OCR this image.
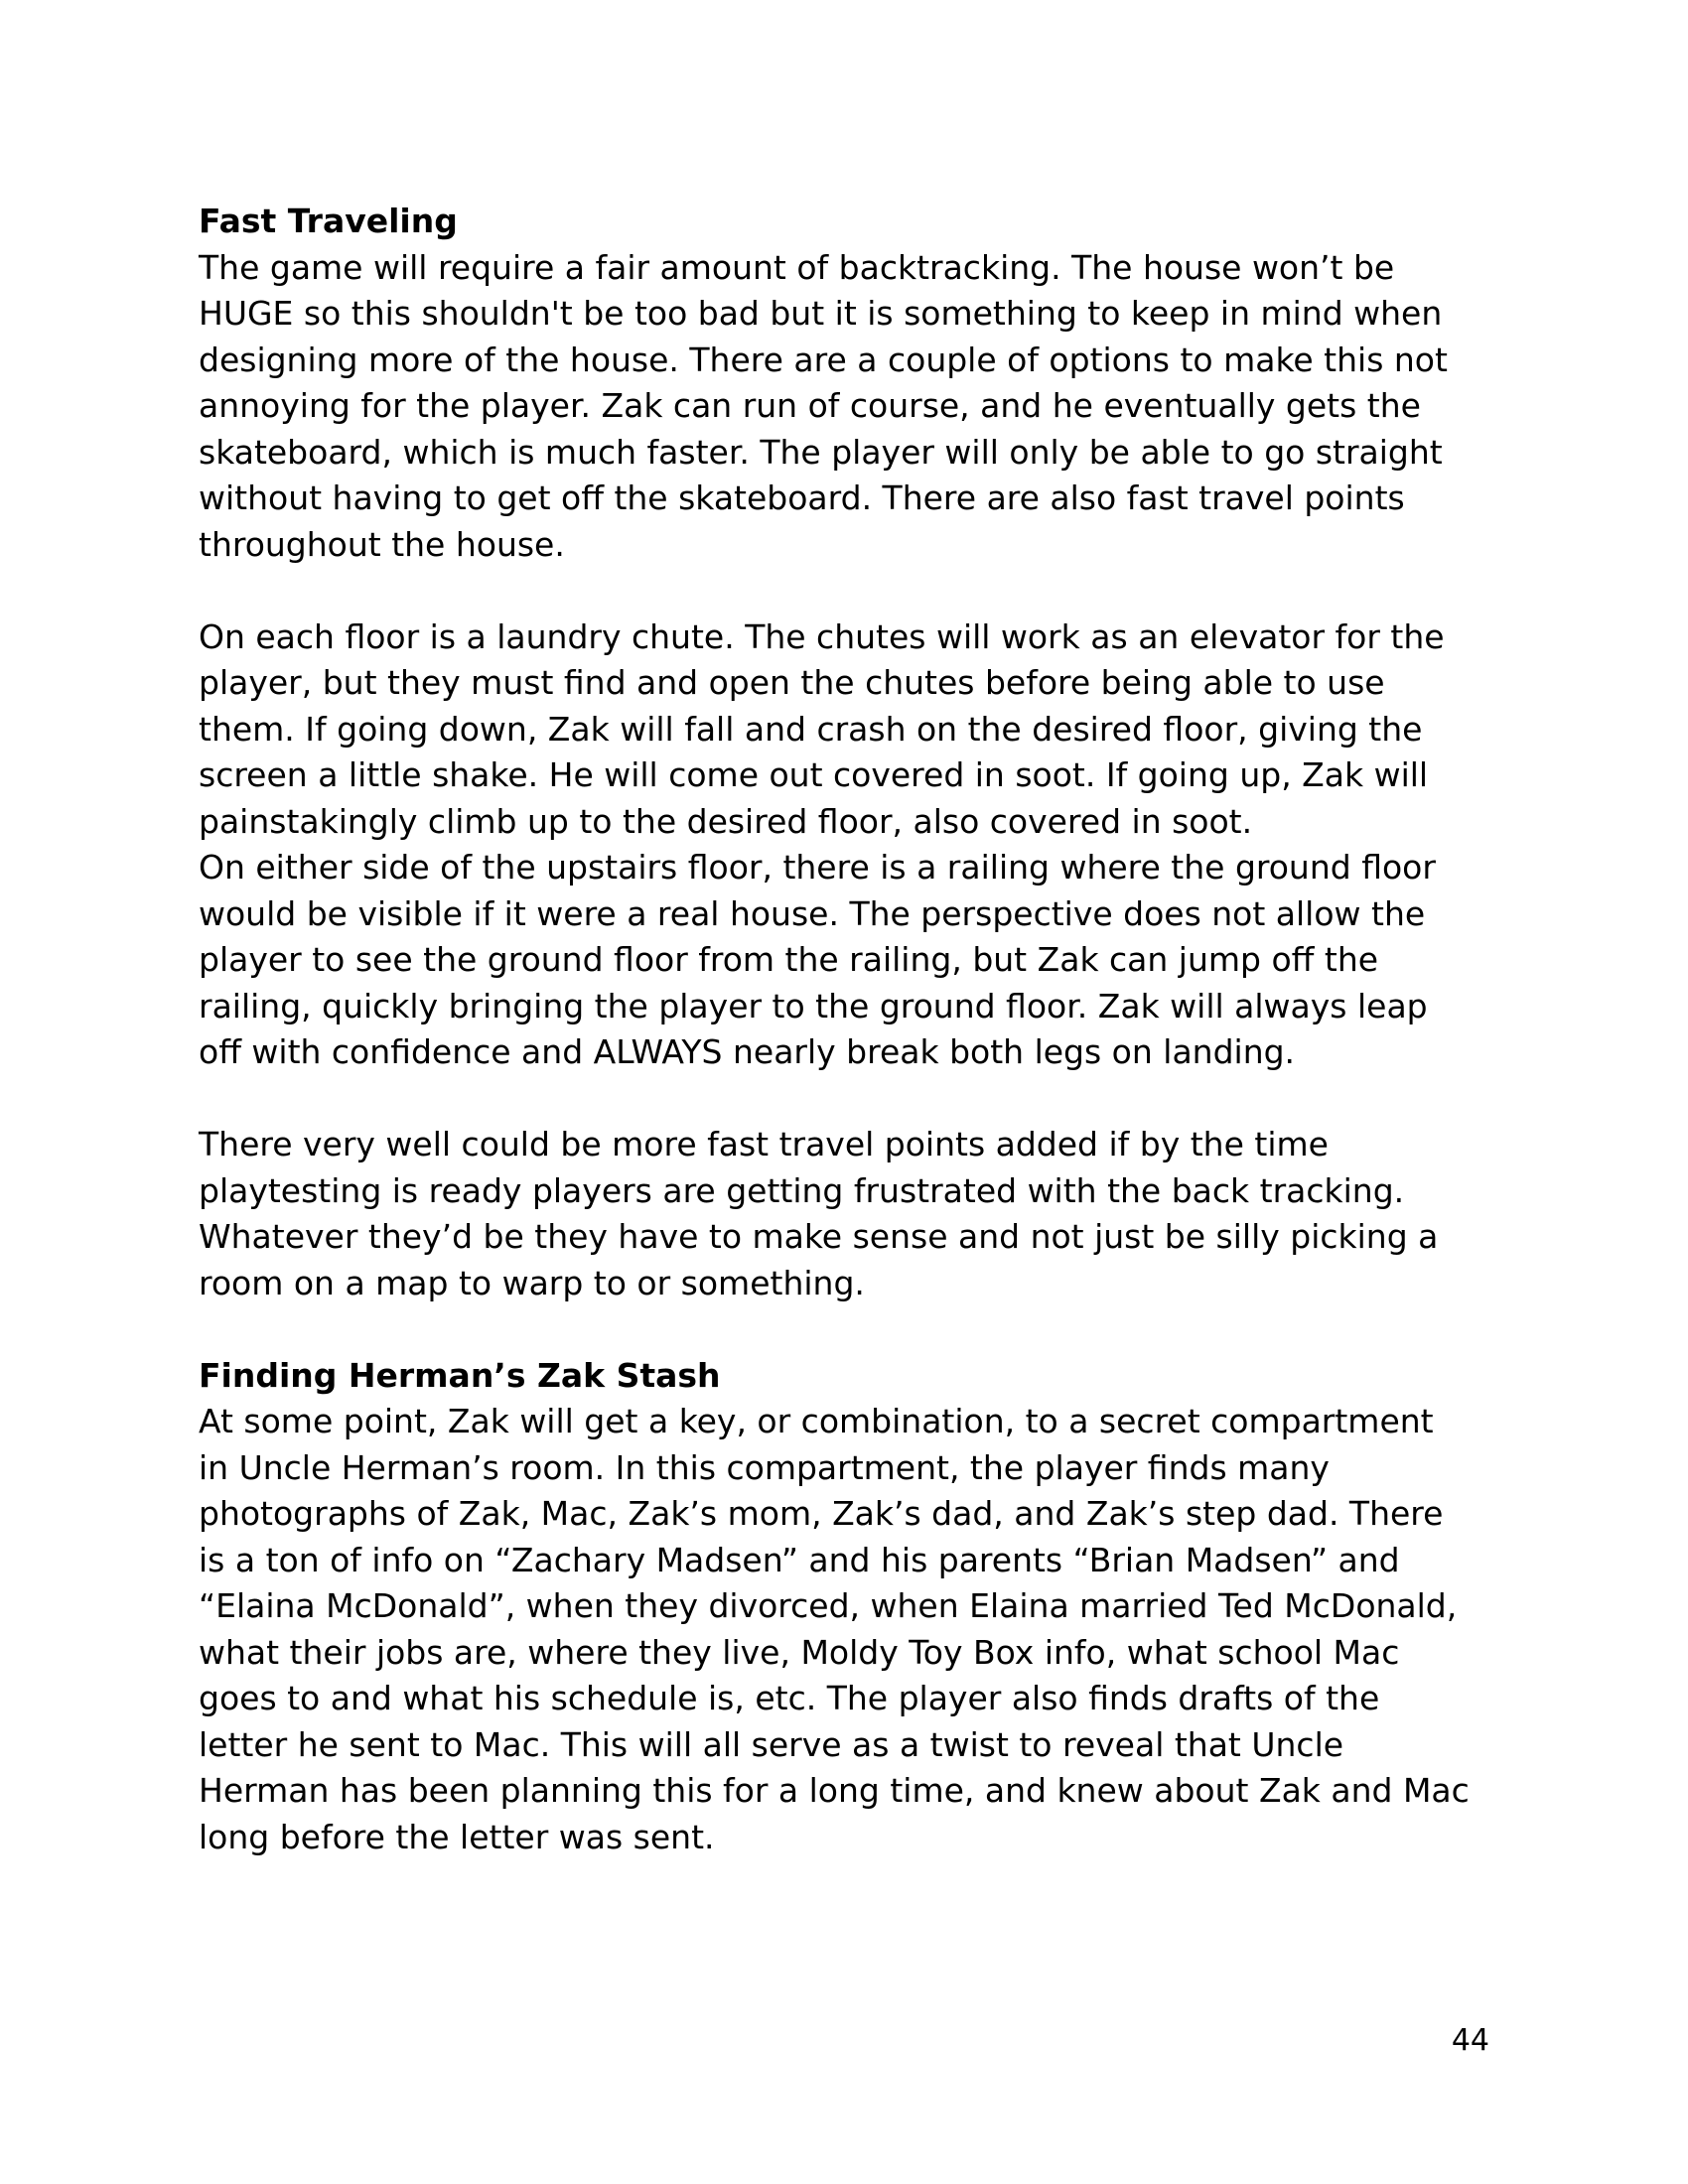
Fast Traveling
The game will require a fair amount of backtracking. The house won’t be
HUGE so this shouldn't be too bad but it is something to keep in mind when
designing more of the house. There are a couple of options to make this not
annoying for the player. Zak can run of course, and he eventually gets the
skateboard, which is much faster. The player will only be able to go straight
without having to get off the skateboard. There are also fast travel points
throughout the house.
On each floor is a laundry chute. The chutes will work as an elevator for the
player, but they must find and open the chutes before being able to use
them. If going down, Zak will fall and crash on the desired floor, giving the
screen a little shake. He will come out covered in soot. If going up, Zak will
painstakingly climb up to the desired floor, also covered in soot.
On either side of the upstairs floor, there is a railing where the ground floor
would be visible if it were a real house. The perspective does not allow the
player to see the ground floor from the railing, but Zak can jump off the
railing, quickly bringing the player to the ground floor. Zak will always leap
off with confidence and ALWAYS nearly break both legs on landing.
There very well could be more fast travel points added if by the time
playtesting is ready players are getting frustrated with the back tracking.
Whatever they’d be they have to make sense and not just be silly picking a
room on a map to warp to or something.
Finding Herman’s Zak Stash
At some point, Zak will get a key, or combination, to a secret compartment
in Uncle Herman’s room. In this compartment, the player finds many
photographs of Zak, Mac, Zak’s mom, Zak’s dad, and Zak’s step dad. There
is a ton of info on “Zachary Madsen” and his parents “Brian Madsen” and
“Elaina McDonald”, when they divorced, when Elaina married Ted McDonald,
what their jobs are, where they live, Moldy Toy Box info, what school Mac
goes to and what his schedule is, etc. The player also finds drafts of the
letter he sent to Mac. This will all serve as a twist to reveal that Uncle
Herman has been planning this for a long time, and knew about Zak and Mac
long before the letter was sent.
44
